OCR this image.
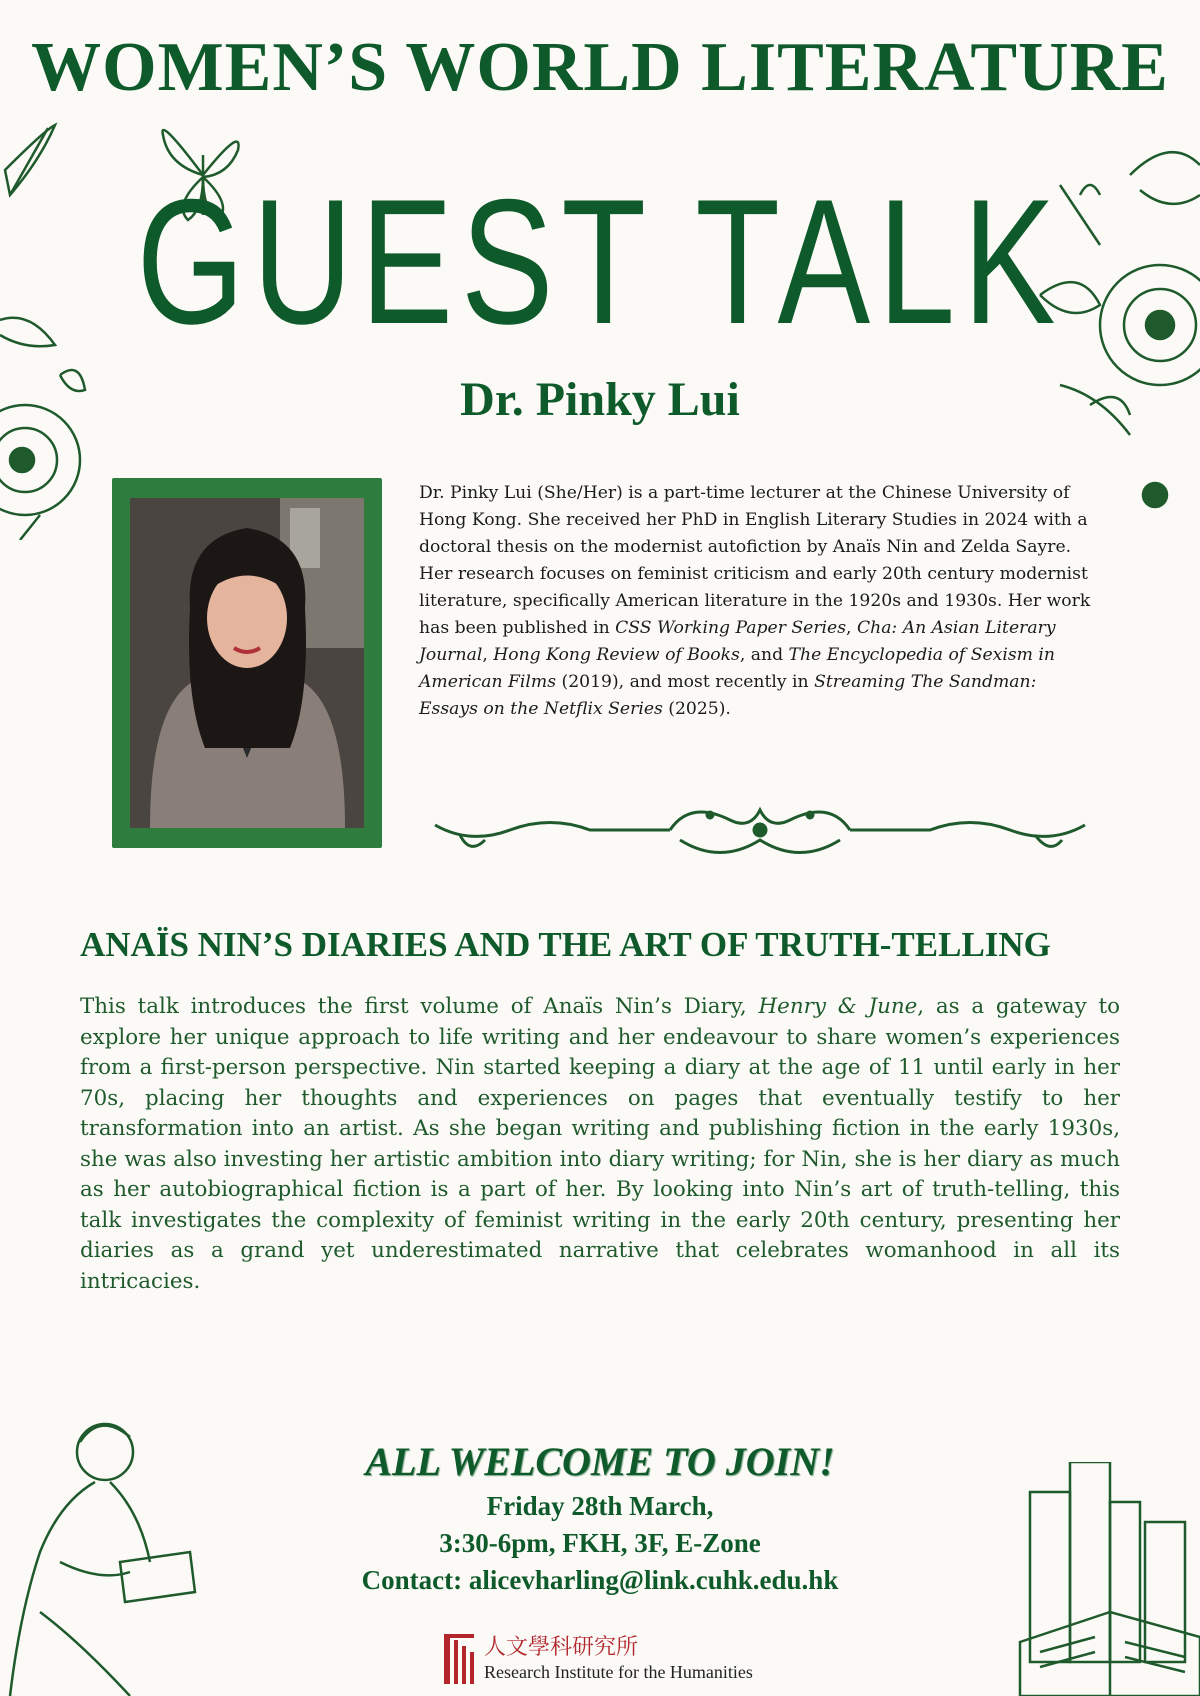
WOMEN’S WORLD LITERATURE
GUEST TALK
Dr. Pinky Lui
Dr. Pinky Lui (She/Her) is a part-time lecturer at the Chinese University of Hong Kong. She received her PhD in English Literary Studies in 2024 with a doctoral thesis on the modernist autofiction by Anaïs Nin and Zelda Sayre. Her research focuses on feminist criticism and early 20th century modernist literature, specifically American literature in the 1920s and 1930s. Her work has been published in CSS Working Paper Series, Cha: An Asian Literary Journal, Hong Kong Review of Books, and The Encyclopedia of Sexism in American Films (2019), and most recently in Streaming The Sandman: Essays on the Netflix Series (2025).
ANAÏS NIN’S DIARIES AND THE ART OF TRUTH-TELLING
This talk introduces the first volume of Anaïs Nin’s Diary, Henry & June, as a gateway to explore her unique approach to life writing and her endeavour to share women’s experiences from a first-person perspective. Nin started keeping a diary at the age of 11 until early in her 70s, placing her thoughts and experiences on pages that eventually testify to her transformation into an artist. As she began writing and publishing fiction in the early 1930s, she was also investing her artistic ambition into diary writing; for Nin, she is her diary as much as her autobiographical fiction is a part of her. By looking into Nin’s art of truth-telling, this talk investigates the complexity of feminist writing in the early 20th century, presenting her diaries as a grand yet underestimated narrative that celebrates womanhood in all its intricacies.
ALL WELCOME TO JOIN!
Friday 28th March,
3:30-6pm, FKH, 3F, E-Zone
Contact: alicevharling@link.cuhk.edu.hk
人文學科研究所
Research Institute for the Humanities
